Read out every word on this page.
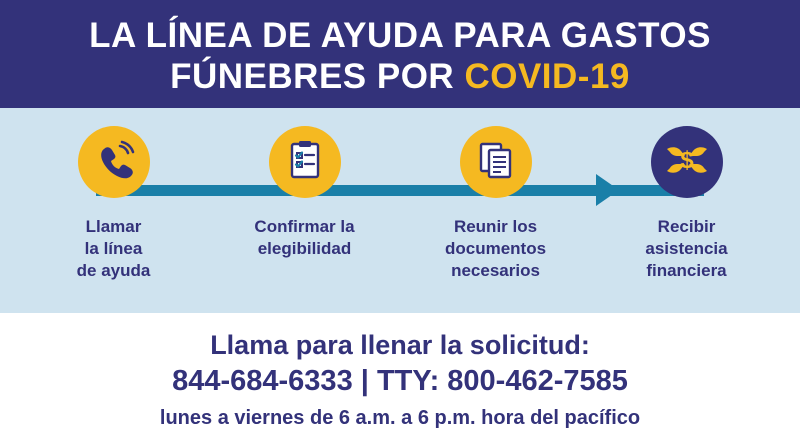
LA LÍNEA DE AYUDA PARA GASTOS
FÚNEBRES POR COVID-19
Llamar
la línea
de ayuda
Confirmar la
elegibilidad
Reunir los
documentos
necesarios
$
Recibir
asistencia
financiera
Llama para llenar la solicitud:
844-684-6333 | TTY: 800-462-7585
lunes a viernes de 6 a.m. a 6 p.m. hora del pacífico
